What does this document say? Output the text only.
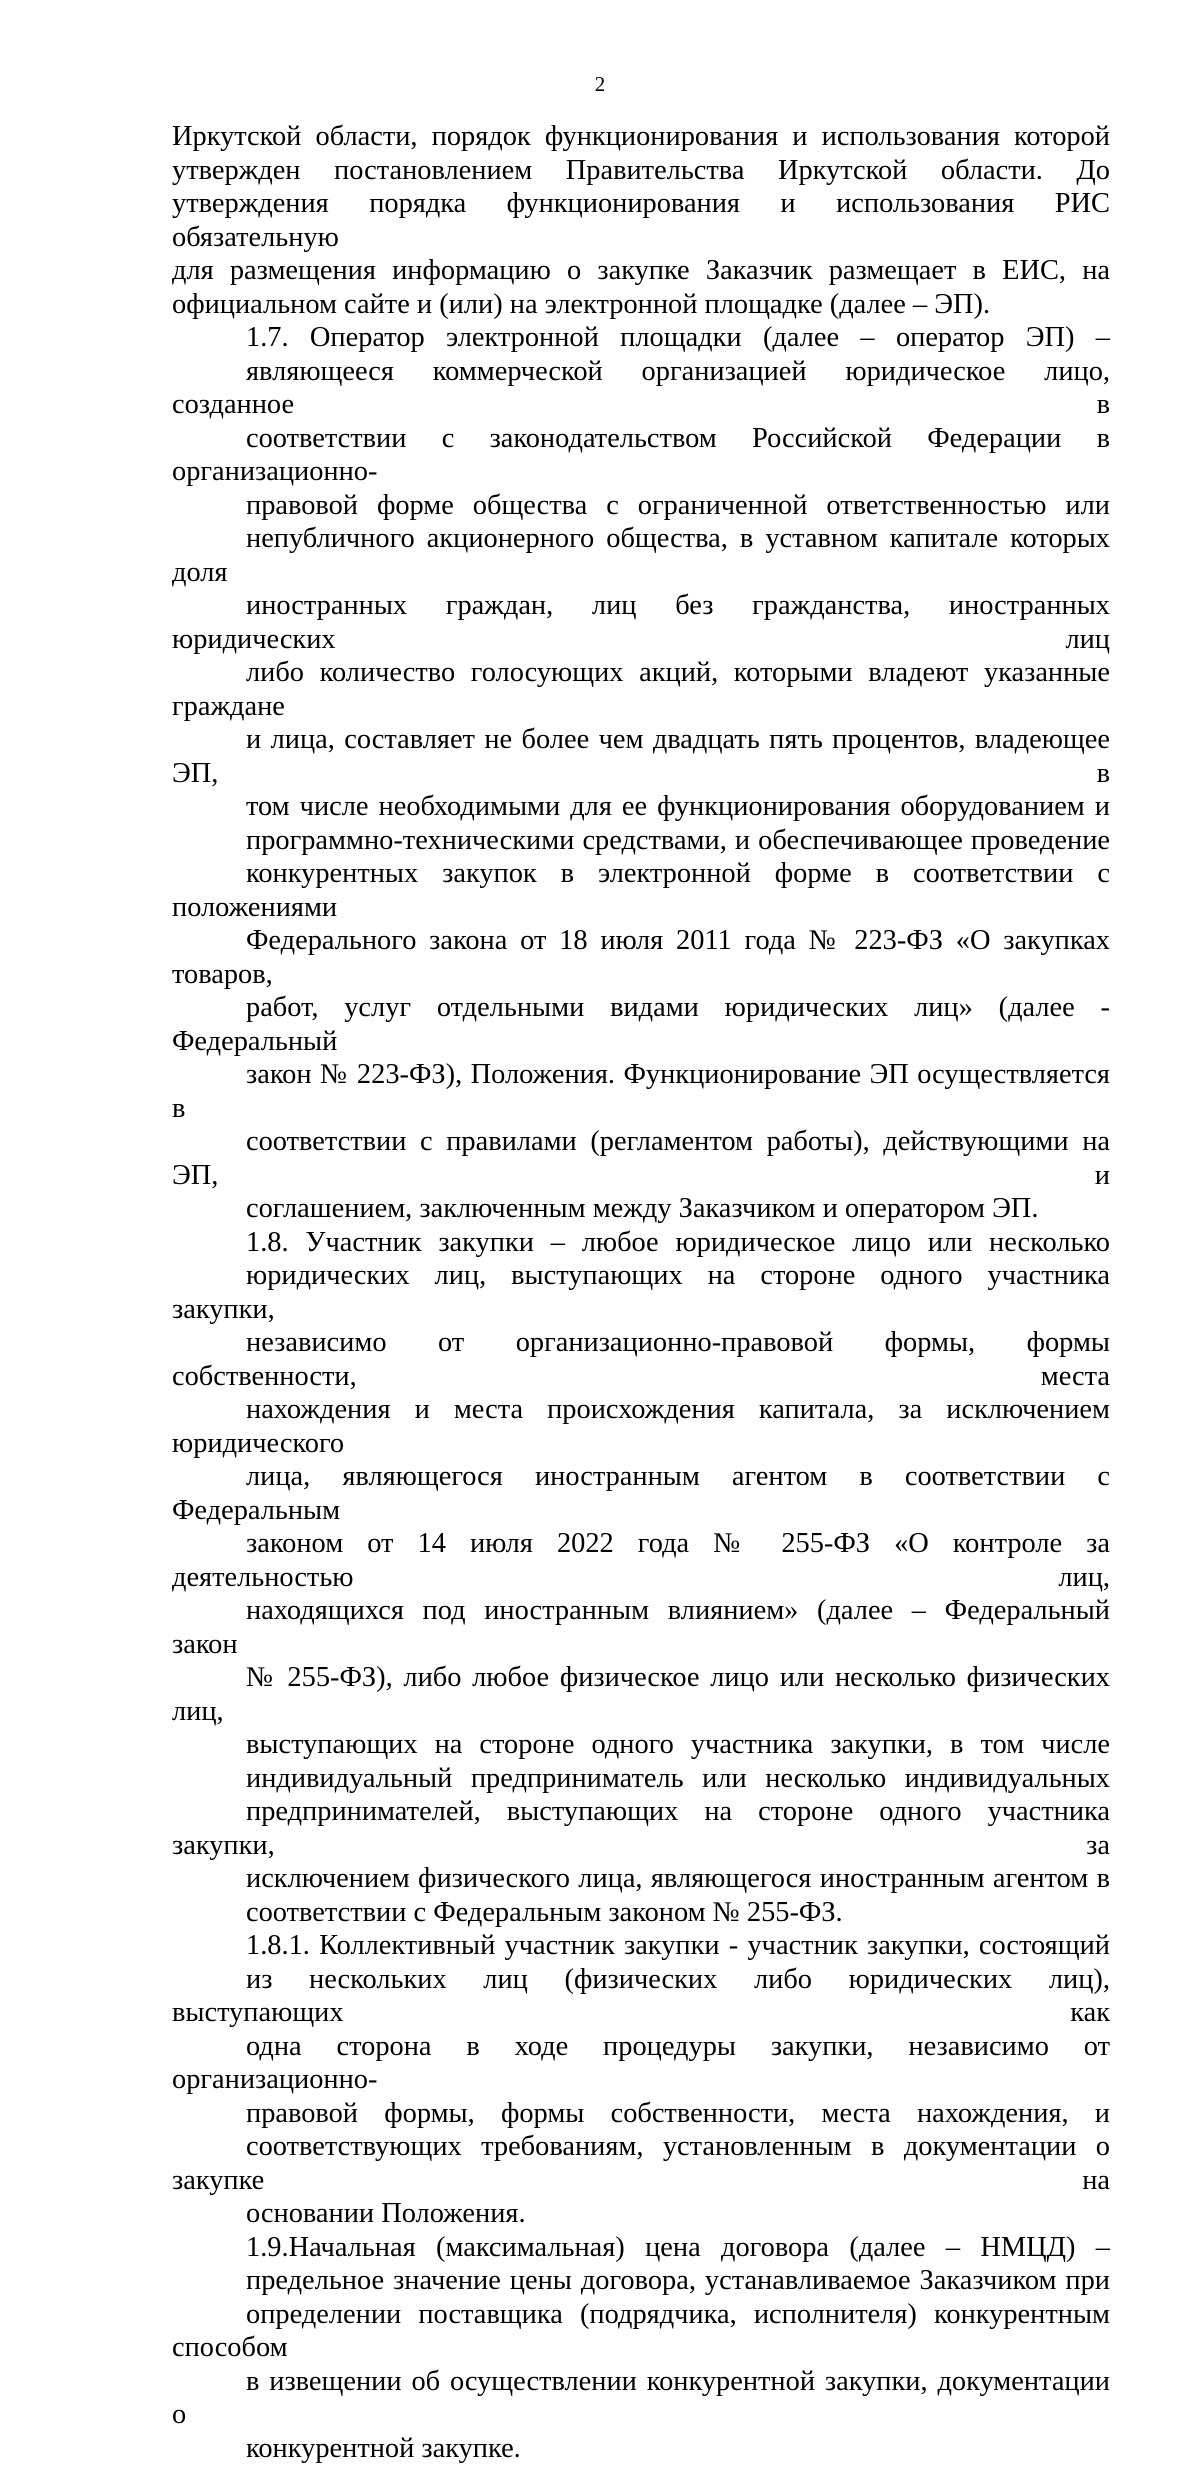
2
Иркутской области, порядок функционирования и использования которой
утвержден постановлением Правительства Иркутской области. До
утверждения порядка функционирования и использования РИС обязательную
для размещения информацию о закупке Заказчик размещает в ЕИС, на
официальном сайте и (или) на электронной площадке (далее – ЭП).
1.7. Оператор электронной площадки (далее – оператор ЭП) –
являющееся коммерческой организацией юридическое лицо, созданное в
соответствии с законодательством Российской Федерации в организационно-
правовой форме общества с ограниченной ответственностью или
непубличного акционерного общества, в уставном капитале которых доля
иностранных граждан, лиц без гражданства, иностранных юридических лиц
либо количество голосующих акций, которыми владеют указанные граждане
и лица, составляет не более чем двадцать пять процентов, владеющее ЭП, в
том числе необходимыми для ее функционирования оборудованием и
программно-техническими средствами, и обеспечивающее проведение
конкурентных закупок в электронной форме в соответствии с положениями
Федерального закона от 18 июля 2011 года № 223-ФЗ «О закупках товаров,
работ, услуг отдельными видами юридических лиц» (далее - Федеральный
закон № 223-ФЗ), Положения. Функционирование ЭП осуществляется в
соответствии с правилами (регламентом работы), действующими на ЭП, и
соглашением, заключенным между Заказчиком и оператором ЭП.
1.8. Участник закупки – любое юридическое лицо или несколько
юридических лиц, выступающих на стороне одного участника закупки,
независимо от организационно-правовой формы, формы собственности, места
нахождения и места происхождения капитала, за исключением юридического
лица, являющегося иностранным агентом в соответствии с Федеральным
законом от 14 июля 2022 года № 255-ФЗ «О контроле за деятельностью лиц,
находящихся под иностранным влиянием» (далее – Федеральный закон
№ 255-ФЗ), либо любое физическое лицо или несколько физических лиц,
выступающих на стороне одного участника закупки, в том числе
индивидуальный предприниматель или несколько индивидуальных
предпринимателей, выступающих на стороне одного участника закупки, за
исключением физического лица, являющегося иностранным агентом в
соответствии с Федеральным законом № 255-ФЗ.
1.8.1. Коллективный участник закупки - участник закупки, состоящий
из нескольких лиц (физических либо юридических лиц), выступающих как
одна сторона в ходе процедуры закупки, независимо от организационно-
правовой формы, формы собственности, места нахождения, и
соответствующих требованиям, установленным в документации о закупке на
основании Положения.
1.9.Начальная (максимальная) цена договора (далее – НМЦД) –
предельное значение цены договора, устанавливаемое Заказчиком при
определении поставщика (подрядчика, исполнителя) конкурентным способом
в извещении об осуществлении конкурентной закупки, документации о
конкурентной закупке.
